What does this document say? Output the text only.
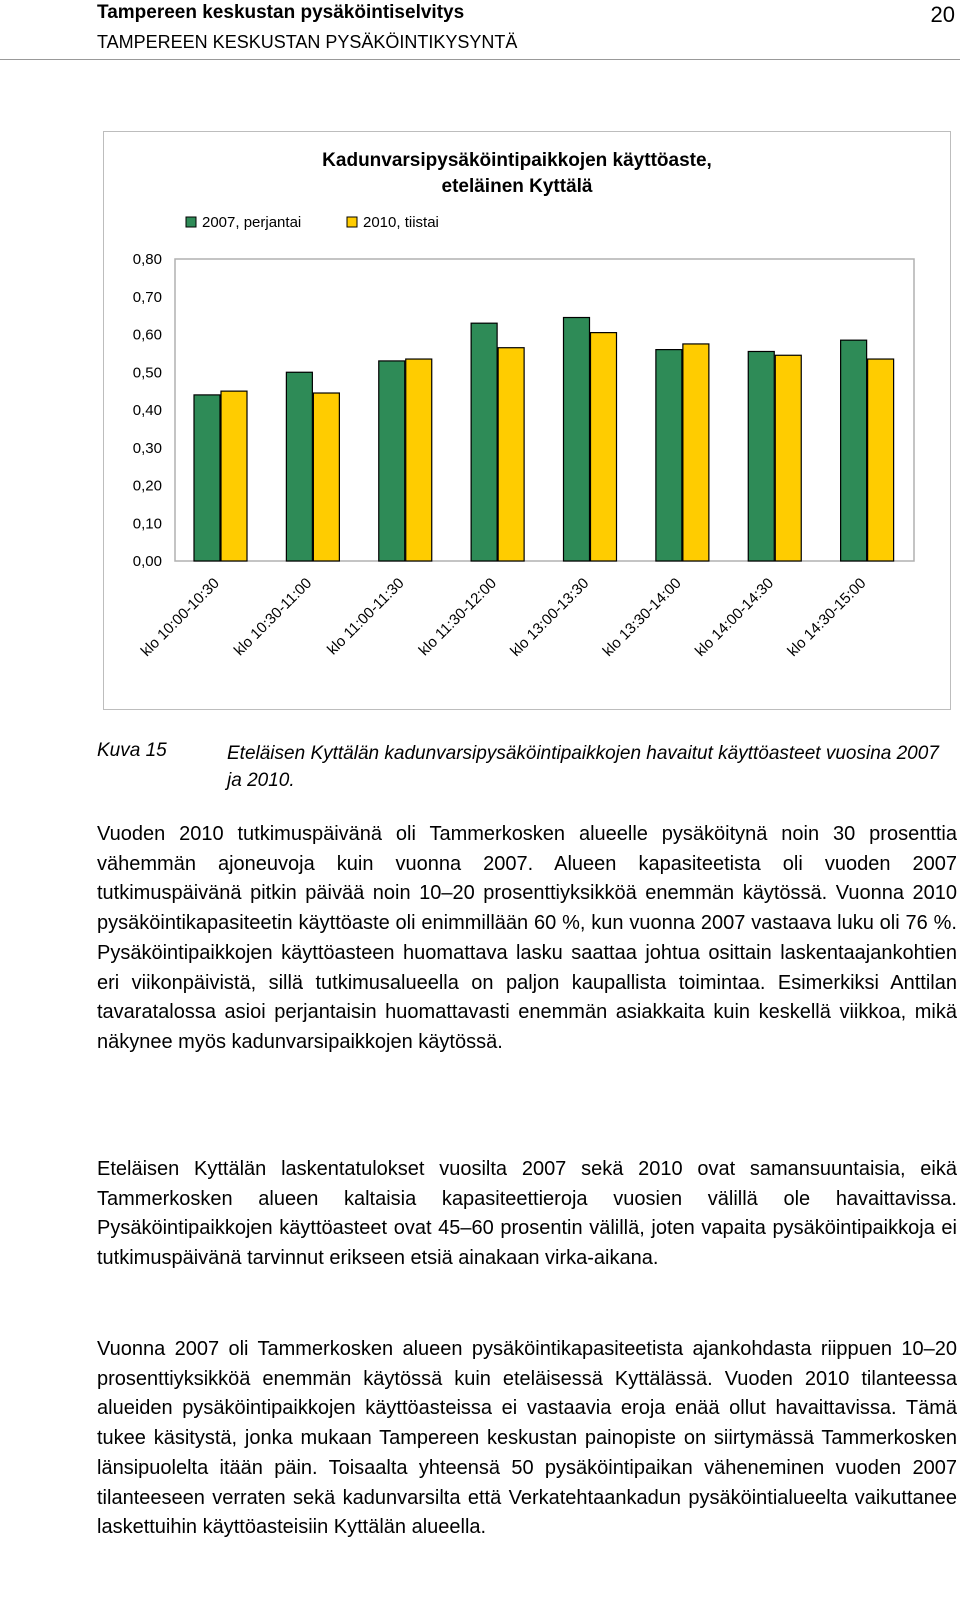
Tampereen keskustan pysäköintiselvitys
TAMPEREEN KESKUSTAN PYSÄKÖINTIKYSYNTÄ
20
Kadunvarsipysäköintipaikkojen käyttöaste,
eteläinen Kyttälä
0,00
0,10
0,20
0,30
0,40
0,50
0,60
0,70
0,80
2007, perjantai	2010, tiistai
klo 10:00-10:30 klo 10:30-11:00 klo 11:00-11:30 klo 11:30-12:00 klo 13:00-13:30 klo 13:30-14:00 klo 14:00-14:30 klo 14:30-15:00
Kuva 15	Eteläisen Kyttälän kadunvarsipysäköintipaikkojen havaitut käyttöasteet vuosina 2007 ja 2010.
Vuoden 2010 tutkimuspäivänä oli Tammerkosken alueelle pysäköitynä noin 30 prosenttia vähemmän ajoneuvoja kuin vuonna 2007. Alueen kapasiteetista oli vuoden 2007 tutkimuspäivänä pitkin päivää noin 10–20 prosenttiyksikköä enemmän käytössä. Vuonna 2010 pysäköintikapasiteetin käyttöaste oli enimmillään 60 %, kun vuonna 2007 vastaava luku oli 76 %. Pysäköintipaikkojen käyttöasteen huomattava lasku saattaa johtua osittain laskentaajankohtien eri viikonpäivistä, sillä tutkimusalueella on paljon kaupallista toimintaa. Esimerkiksi Anttilan tavaratalossa asioi perjantaisin huomattavasti enemmän asiakkaita kuin keskellä viikkoa, mikä näkynee myös kadunvarsipaikkojen käytössä.
Eteläisen Kyttälän laskentatulokset vuosilta 2007 sekä 2010 ovat samansuuntaisia, eikä Tammerkosken alueen kaltaisia kapasiteettieroja vuosien välillä ole havaittavissa. Pysäköintipaikkojen käyttöasteet ovat 45–60 prosentin välillä, joten vapaita pysäköintipaikkoja ei tutkimuspäivänä tarvinnut erikseen etsiä ainakaan virka-aikana.
Vuonna 2007 oli Tammerkosken alueen pysäköintikapasiteetista ajankohdasta riippuen 10–20 prosenttiyksikköä enemmän käytössä kuin eteläisessä Kyttälässä. Vuoden 2010 tilanteessa alueiden pysäköintipaikkojen käyttöasteissa ei vastaavia eroja enää ollut havaittavissa. Tämä tukee käsitystä, jonka mukaan Tampereen keskustan painopiste on siirtymässä Tammerkosken länsipuolelta itään päin. Toisaalta yhteensä 50 pysäköintipaikan väheneminen vuoden 2007 tilanteeseen verraten sekä kadunvarsilta että Verkatehtaankadun pysäköintialueelta vaikuttanee laskettuihin käyttöasteisiin Kyttälän alueella.
